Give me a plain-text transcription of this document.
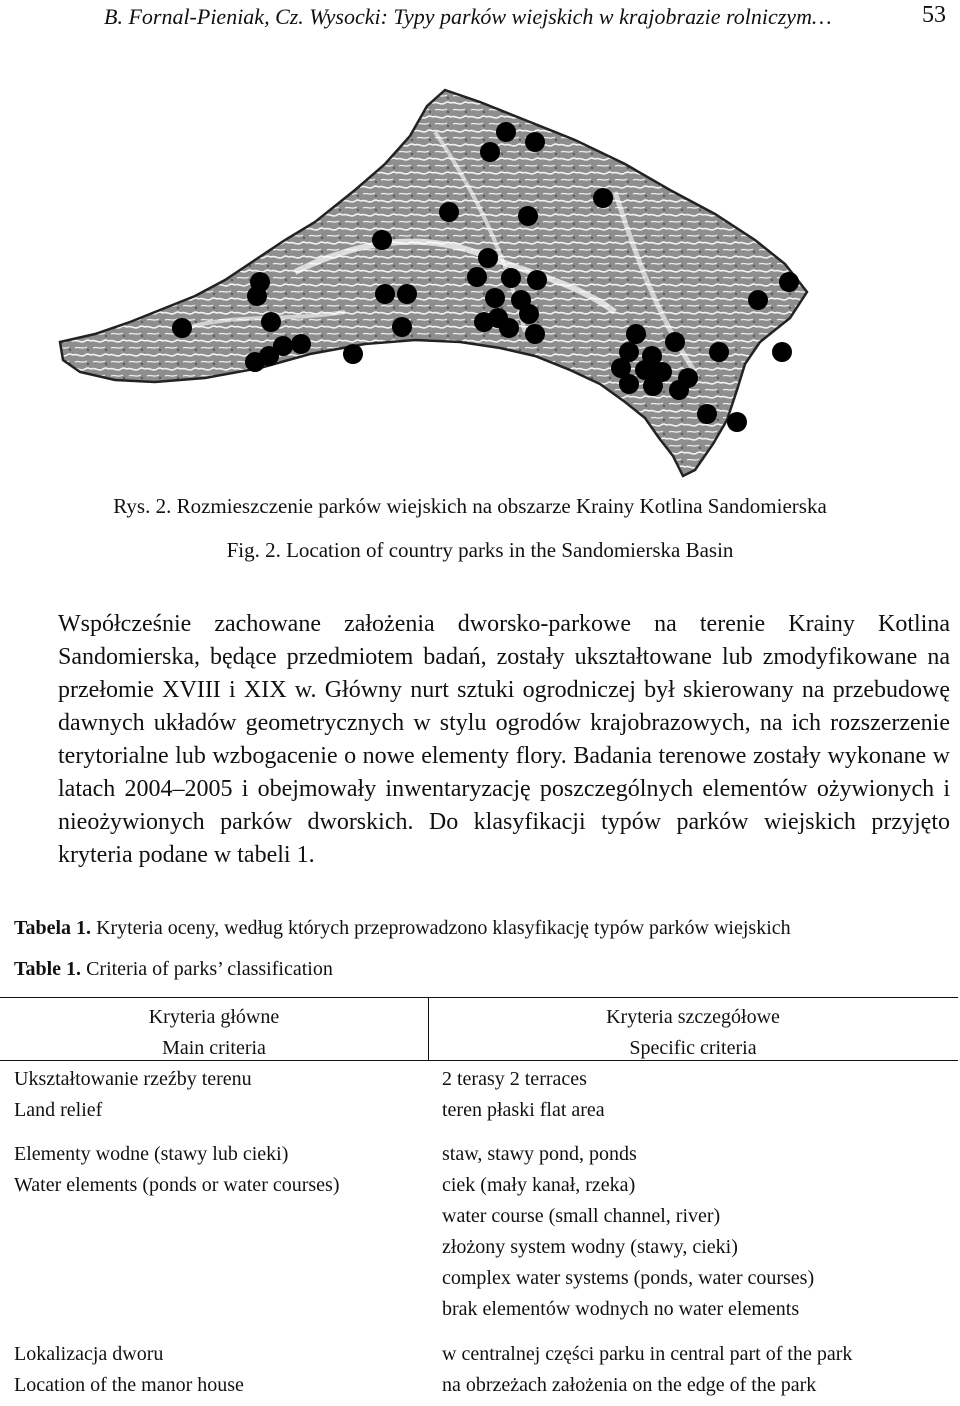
B. Fornal-Pieniak, Cz. Wysocki: Typy parków wiejskich w krajobrazie rolniczym…	53
Rys. 2. Rozmieszczenie parków wiejskich na obszarze Krainy Kotlina Sandomierska
Fig. 2. Location of country parks in the Sandomierska Basin

Współcześnie zachowane założenia dworsko-parkowe na terenie Krainy Kotlina Sandomierska, będące przedmiotem badań, zostały ukształtowane lub zmodyfikowane na przełomie XVIII i XIX w. Główny nurt sztuki ogrodniczej był skierowany na przebudowę dawnych układów geometrycznych w stylu ogrodów krajobrazowych, na ich rozszerzenie terytorialne lub wzbogacenie o nowe elementy flory. Badania terenowe zostały wykonane w latach 2004–2005 i obejmowały inwentaryzację poszczególnych elementów ożywionych i nieożywionych parków dworskich. Do klasyfikacji typów parków wiejskich przyjęto kryteria podane w tabeli 1.

Tabela 1. Kryteria oceny, według których przeprowadzono klasyfikację typów parków wiejskich
Table 1. Criteria of parks’ classification
Kryteria główne
Main criteria
Kryteria szczegółowe
Specific criteria
Ukształtowanie rzeźby terenu
Land relief
2 terasy 2 terraces
teren płaski flat area
Elementy wodne (stawy lub cieki)
Water elements (ponds or water courses)
staw, stawy pond, ponds
ciek (mały kanał, rzeka)
water course (small channel, river)
złożony system wodny (stawy, cieki)
complex water systems (ponds, water courses)
brak elementów wodnych no water elements
Lokalizacja dworu
Location of the manor house
w centralnej części parku in central part of the park
na obrzeżach założenia on the edge of the park
